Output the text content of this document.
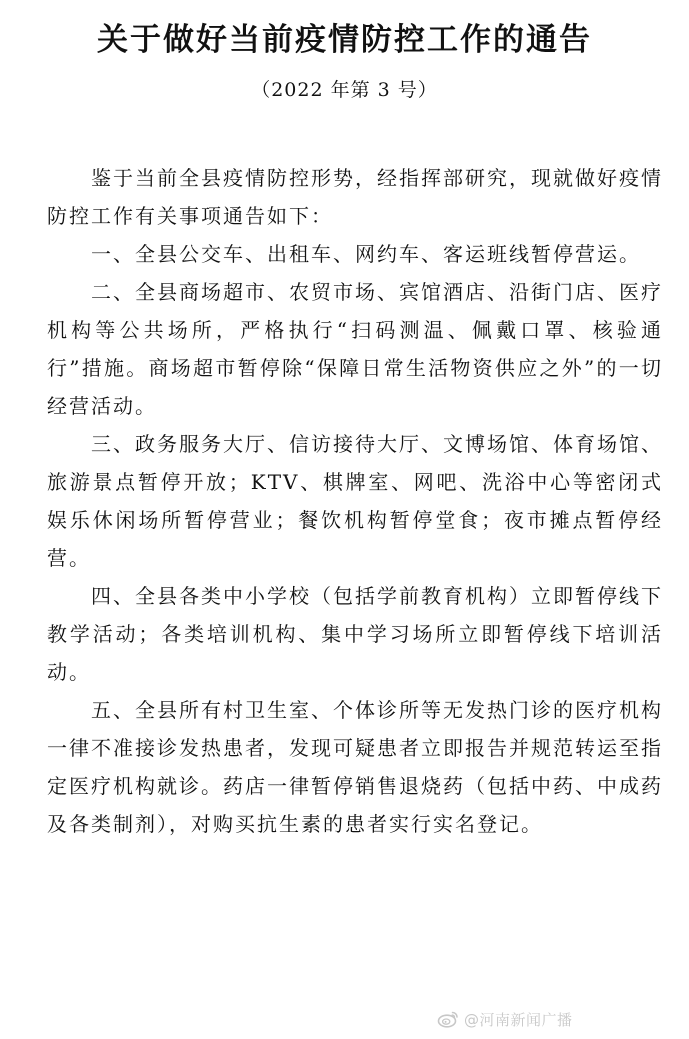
关于做好当前疫情防控工作的通告
（2022 年第 3 号）

鉴于当前全县疫情防控形势，经指挥部研究，现就做好疫情防控工作有关事项通告如下：

一、全县公交车、出租车、网约车、客运班线暂停营运。

二、全县商场超市、农贸市场、宾馆酒店、沿街门店、医疗机构等公共场所，严格执行“扫码测温、佩戴口罩、核验通行”措施。商场超市暂停除“保障日常生活物资供应之外”的一切经营活动。

三、政务服务大厅、信访接待大厅、文博场馆、体育场馆、旅游景点暂停开放；KTV、棋牌室、网吧、洗浴中心等密闭式娱乐休闲场所暂停营业；餐饮机构暂停堂食；夜市摊点暂停经营。

四、全县各类中小学校（包括学前教育机构）立即暂停线下教学活动；各类培训机构、集中学习场所立即暂停线下培训活动。

五、全县所有村卫生室、个体诊所等无发热门诊的医疗机构一律不准接诊发热患者，发现可疑患者立即报告并规范转运至指定医疗机构就诊。药店一律暂停销售退烧药（包括中药、中成药及各类制剂），对购买抗生素的患者实行实名登记。

@河南新闻广播
